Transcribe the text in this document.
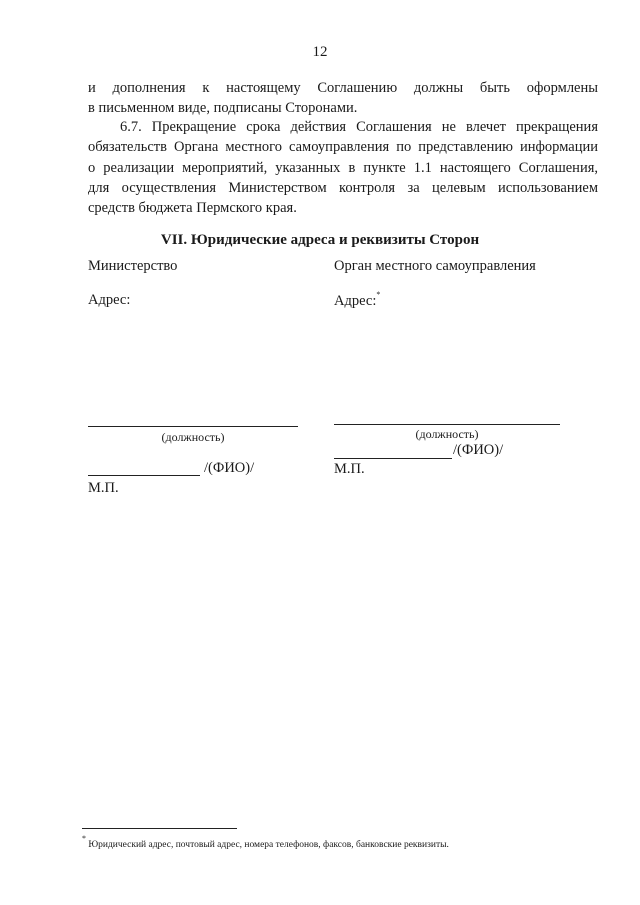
12
и дополнения к настоящему Соглашению должны быть оформлены
в письменном виде, подписаны Сторонами.
6.7. Прекращение срока действия Соглашения не влечет прекращения
обязательств Органа местного самоуправления по представлению информации
о реализации мероприятий, указанных в пункте 1.1 настоящего Соглашения,
для осуществления Министерством контроля за целевым использованием
средств бюджета Пермского края.
VII. Юридические адреса и реквизиты Сторон
Министерство
Адрес:
(должность)
/(ФИО)/
М.П.
Орган местного самоуправления
Адрес:*
(должность)
/(ФИО)/
М.П.
* Юридический адрес, почтовый адрес, номера телефонов, факсов, банковские реквизиты.
